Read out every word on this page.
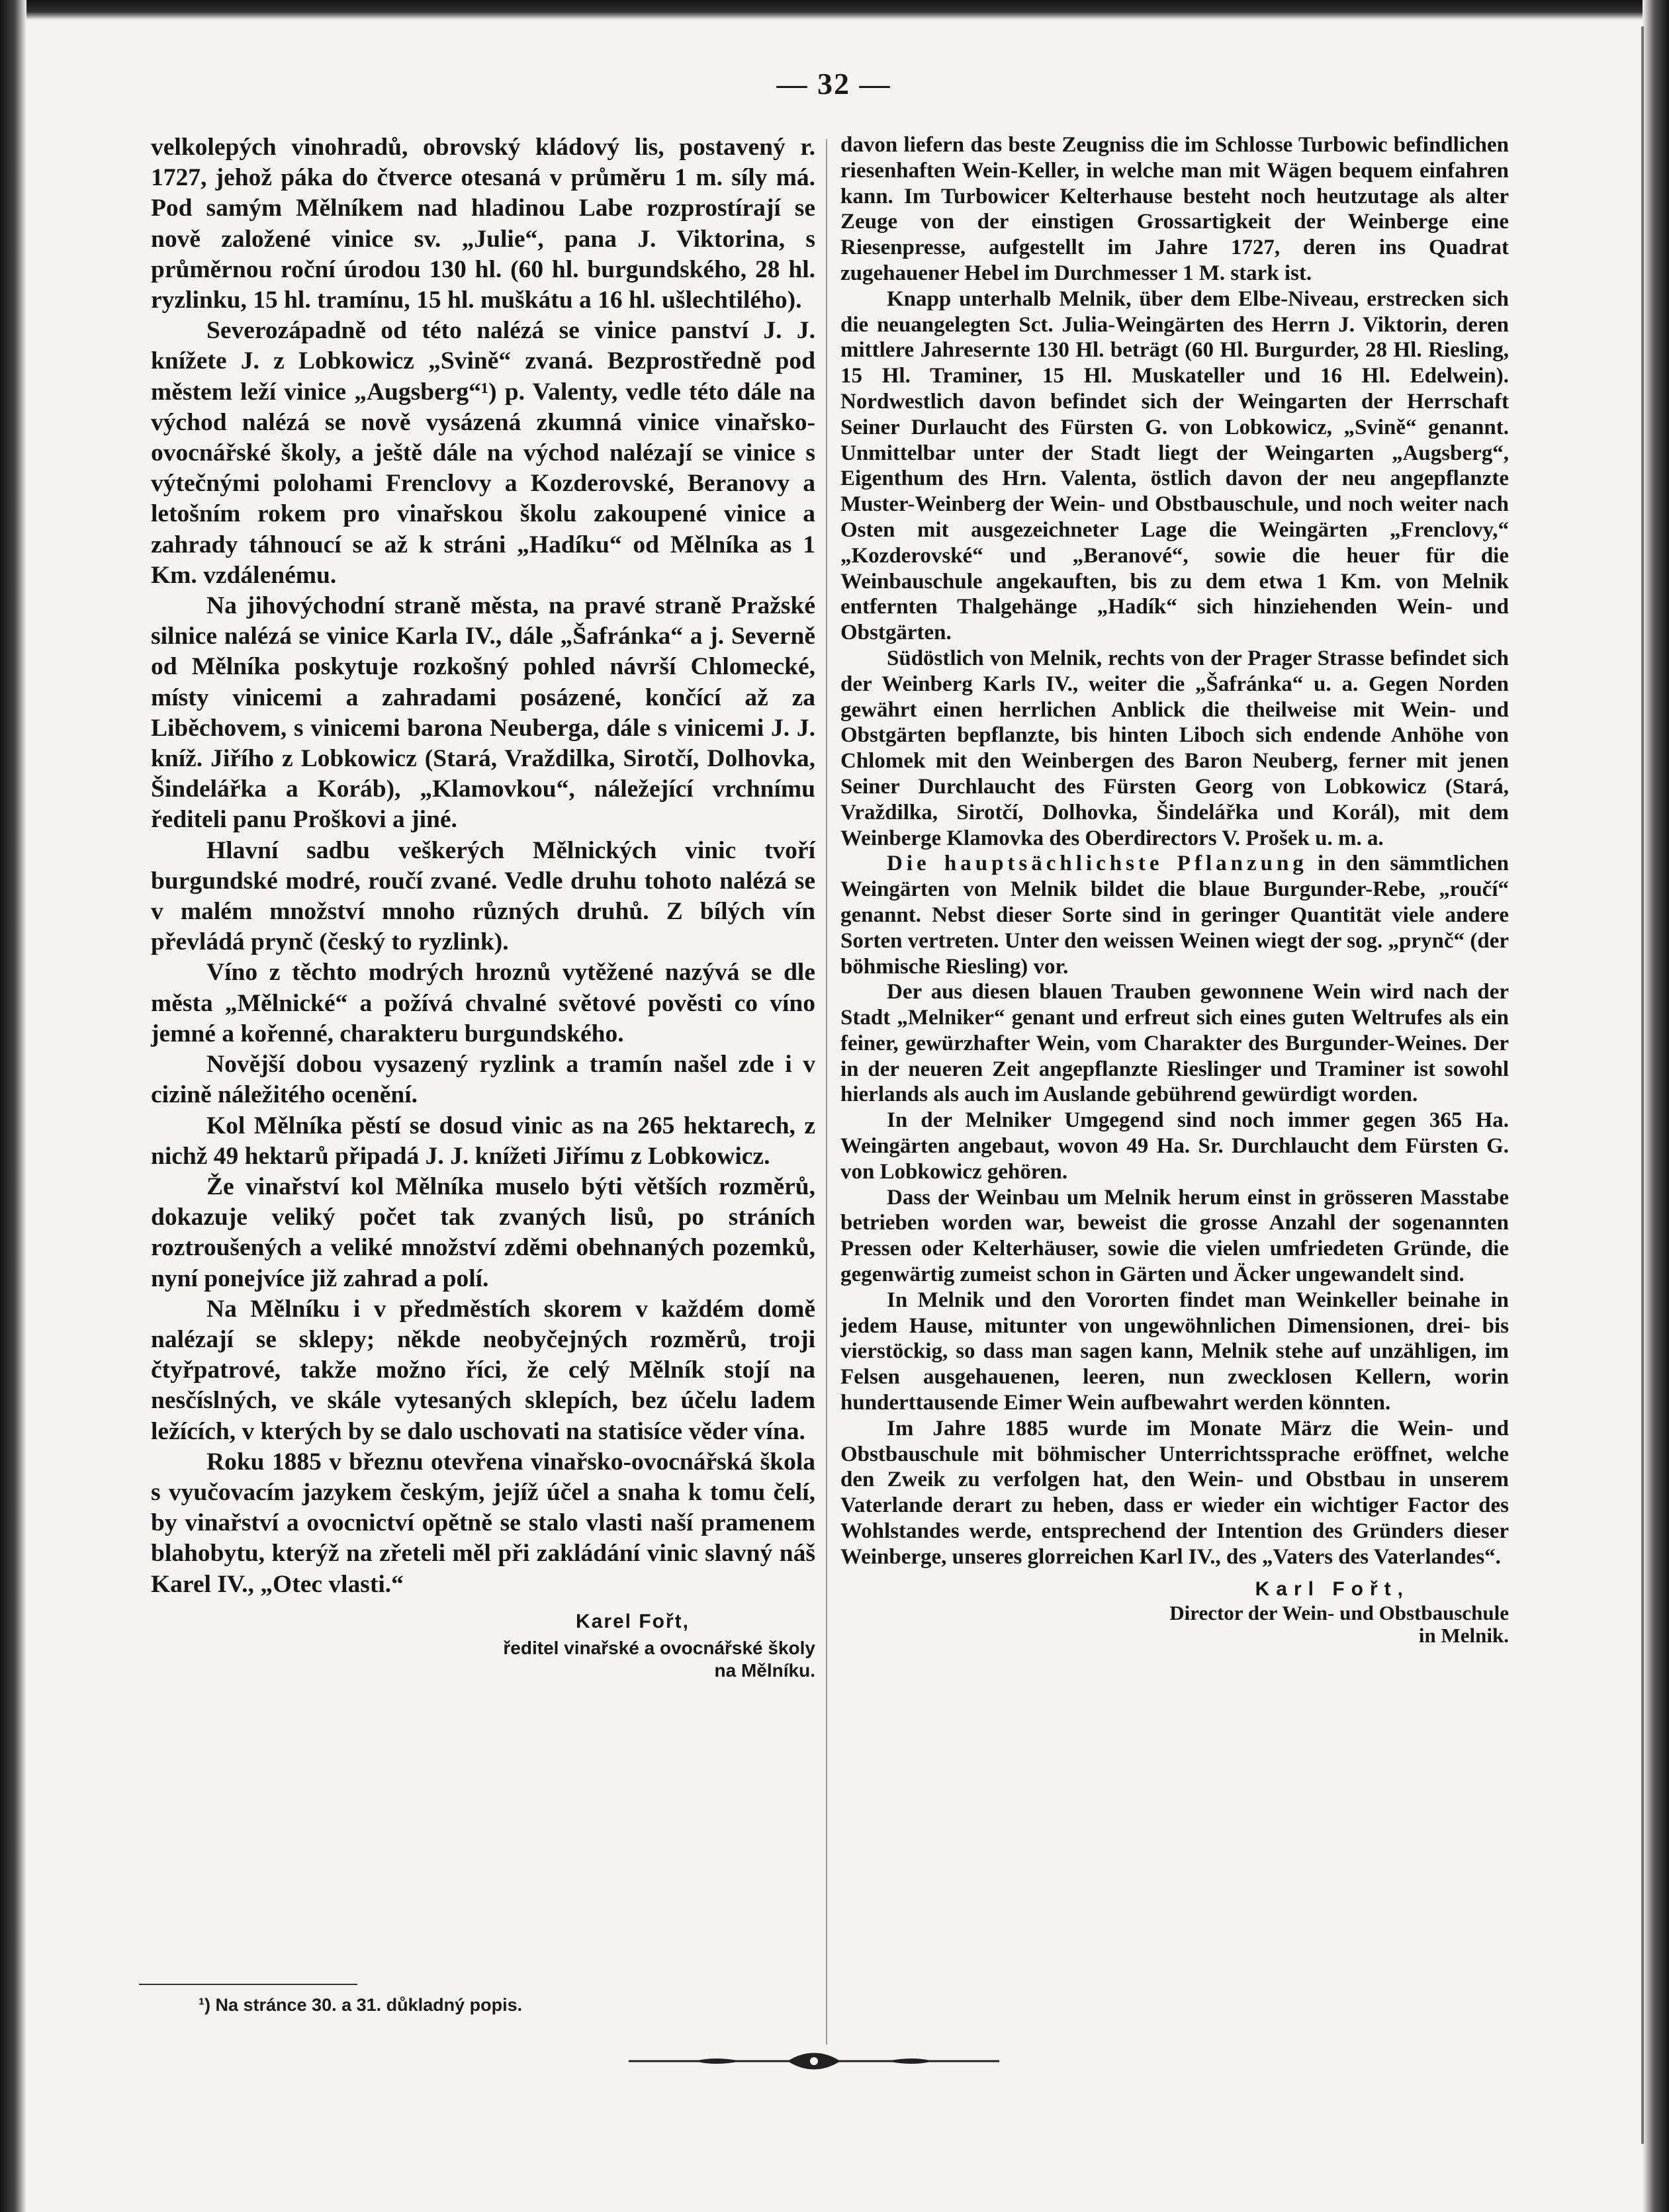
— 32 —

velkolepých vinohradů, obrovský kládový lis, postavený r. 1727, jehož páka do čtverce otesaná v průměru 1 m. síly má. Pod samým Mělníkem nad hladinou Labe rozprostírají se nově založené vinice sv. „Julie“, pana J. Viktorina, s průměrnou roční úrodou 130 hl. (60 hl. burgundského, 28 hl. ryzlinku, 15 hl. tramínu, 15 hl. muškátu a 16 hl. ušlechtilého).

Severozápadně od této nalézá se vinice panství J. J. knížete J. z Lobkowicz „Svině“ zvaná. Bezprostředně pod městem leží vinice „Augsberg“¹) p. Valenty, vedle této dále na východ nalézá se nově vysázená zkumná vinice vinařsko-ovocnářské školy, a ještě dále na východ nalézají se vinice s výtečnými polohami Frenclovy a Kozderovské, Beranovy a letošním rokem pro vinařskou školu zakoupené vinice a zahrady táhnoucí se až k stráni „Hadíku“ od Mělníka as 1 Km. vzdálenému.

Na jihovýchodní straně města, na pravé straně Pražské silnice nalézá se vinice Karla IV., dále „Šafránka“ a j. Severně od Mělníka poskytuje rozkošný pohled návrší Chlomecké, místy vinicemi a zahradami posázené, končící až za Liběchovem, s vinicemi barona Neuberga, dále s vinicemi J. J. kníž. Jiřího z Lobkowicz (Stará, Vraždilka, Sirotčí, Dolhovka, Šindelářka a Koráb), „Klamovkou“, náležející vrchnímu řediteli panu Proškovi a jiné.

Hlavní sadbu veškerých Mělnických vinic tvoří burgundské modré, roučí zvané. Vedle druhu tohoto nalézá se v malém množství mnoho různých druhů. Z bílých vín převládá prynč (český to ryzlink).

Víno z těchto modrých hroznů vytěžené nazývá se dle města „Mělnické“ a požívá chvalné světové pověsti co víno jemné a kořenné, charakteru burgundského.

Novější dobou vysazený ryzlink a tramín našel zde i v cizině náležitého ocenění.

Kol Mělníka pěstí se dosud vinic as na 265 hektarech, z nichž 49 hektarů připadá J. J. knížeti Jiřímu z Lobkowicz.

Že vinařství kol Mělníka muselo býti větších rozměrů, dokazuje veliký počet tak zvaných lisů, po stráních roztroušených a veliké množství zděmi obehnaných pozemků, nyní ponejvíce již zahrad a polí.

Na Mělníku i v předměstích skorem v každém domě nalézají se sklepy; někde neobyčejných rozměrů, troji čtyřpatrové, takže možno říci, že celý Mělník stojí na nesčíslných, ve skále vytesaných sklepích, bez účelu ladem ležících, v kterých by se dalo uschovati na statisíce věder vína.

Roku 1885 v březnu otevřena vinařsko-ovocnářská škola s vyučovacím jazykem českým, jejíž účel a snaha k tomu čelí, by vinařství a ovocnictví opětně se stalo vlasti naší pramenem blahobytu, kterýž na zřeteli měl při zakládání vinic slavný náš Karel IV., „Otec vlasti.“

Karel Fořt,
ředitel vinařské a ovocnářské školy
na Mělníku.

davon liefern das beste Zeugniss die im Schlosse Turbowic befindlichen riesenhaften Wein-Keller, in welche man mit Wägen bequem einfahren kann. Im Turbowicer Kelterhause besteht noch heutzutage als alter Zeuge von der einstigen Grossartigkeit der Weinberge eine Riesenpresse, aufgestellt im Jahre 1727, deren ins Quadrat zugehauener Hebel im Durchmesser 1 M. stark ist.

Knapp unterhalb Melnik, über dem Elbe-Niveau, erstrecken sich die neuangelegten Sct. Julia-Weingärten des Herrn J. Viktorin, deren mittlere Jahresernte 130 Hl. beträgt (60 Hl. Burgurder, 28 Hl. Riesling, 15 Hl. Traminer, 15 Hl. Muskateller und 16 Hl. Edelwein). Nordwestlich davon befindet sich der Weingarten der Herrschaft Seiner Durlaucht des Fürsten G. von Lobkowicz, „Svině“ genannt. Unmittelbar unter der Stadt liegt der Weingarten „Augsberg“, Eigenthum des Hrn. Valenta, östlich davon der neu angepflanzte Muster-Weinberg der Wein- und Obstbauschule, und noch weiter nach Osten mit ausgezeichneter Lage die Weingärten „Frenclovy,“ „Kozderovské“ und „Beranové“, sowie die heuer für die Weinbauschule angekauften, bis zu dem etwa 1 Km. von Melnik entfernten Thalgehänge „Hadík“ sich hinziehenden Wein- und Obstgärten.

Südöstlich von Melnik, rechts von der Prager Strasse befindet sich der Weinberg Karls IV., weiter die „Šafránka“ u. a. Gegen Norden gewährt einen herrlichen Anblick die theilweise mit Wein- und Obstgärten bepflanzte, bis hinten Liboch sich endende Anhöhe von Chlomek mit den Weinbergen des Baron Neuberg, ferner mit jenen Seiner Durchlaucht des Fürsten Georg von Lobkowicz (Stará, Vraždilka, Sirotčí, Dolhovka, Šindelářka und Korál), mit dem Weinberge Klamovka des Oberdirectors V. Prošek u. m. a.

Die hauptsächlichste Pflanzung in den sämmtlichen Weingärten von Melnik bildet die blaue Burgunder-Rebe, „roučí“ genannt. Nebst dieser Sorte sind in geringer Quantität viele andere Sorten vertreten. Unter den weissen Weinen wiegt der sog. „prynč“ (der böhmische Riesling) vor.

Der aus diesen blauen Trauben gewonnene Wein wird nach der Stadt „Melniker“ genant und erfreut sich eines guten Weltrufes als ein feiner, gewürzhafter Wein, vom Charakter des Burgunder-Weines. Der in der neueren Zeit angepflanzte Rieslinger und Traminer ist sowohl hierlands als auch im Auslande gebührend gewürdigt worden.

In der Melniker Umgegend sind noch immer gegen 365 Ha. Weingärten angebaut, wovon 49 Ha. Sr. Durchlaucht dem Fürsten G. von Lobkowicz gehören.

Dass der Weinbau um Melnik herum einst in grösseren Masstabe betrieben worden war, beweist die grosse Anzahl der sogenannten Pressen oder Kelterhäuser, sowie die vielen umfriedeten Gründe, die gegenwärtig zumeist schon in Gärten und Äcker ungewandelt sind.

In Melnik und den Vororten findet man Weinkeller beinahe in jedem Hause, mitunter von ungewöhnlichen Dimensionen, drei- bis vierstöckig, so dass man sagen kann, Melnik stehe auf unzähligen, im Felsen ausgehauenen, leeren, nun zwecklosen Kellern, worin hunderttausende Eimer Wein aufbewahrt werden könnten.

Im Jahre 1885 wurde im Monate März die Wein- und Obstbauschule mit böhmischer Unterrichtssprache eröffnet, welche den Zweik zu verfolgen hat, den Wein- und Obstbau in unserem Vaterlande derart zu heben, dass er wieder ein wichtiger Factor des Wohlstandes werde, entsprechend der Intention des Gründers dieser Weinberge, unseres glorreichen Karl IV., des „Vaters des Vaterlandes“.

Karl Fořt,
Director der Wein- und Obstbauschule
in Melnik.
¹) Na stránce 30. a 31. důkladný popis.
